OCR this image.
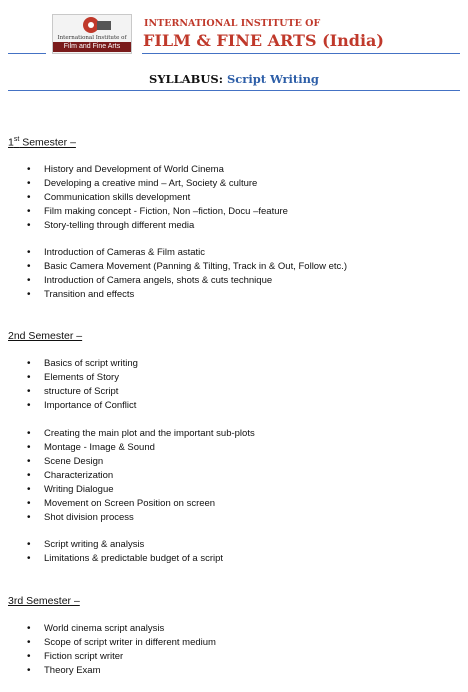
International Institute of
Film and Fine Arts
INTERNATIONAL INSTITUTE OF
FILM & FINE ARTS (India)
SYLLABUS: Script Writing
1st Semester –
• History and Development of World Cinema
• Developing a creative mind – Art, Society & culture
• Communication skills development
• Film making concept - Fiction, Non –fiction, Docu –feature
• Story-telling through different media
• Introduction of Cameras & Film astatic
• Basic Camera Movement (Panning & Tilting, Track in & Out, Follow etc.)
• Introduction of Camera angels, shots & cuts technique
• Transition and effects
2nd Semester –
• Basics of script writing
• Elements of Story
• structure of Script
• Importance of Conflict
• Creating the main plot and the important sub-plots
• Montage - Image & Sound
• Scene Design
• Characterization
• Writing Dialogue
• Movement on Screen Position on screen
• Shot division process
• Script writing & analysis
• Limitations & predictable budget of a script
3rd Semester –
• World cinema script analysis
• Scope of script writer in different medium
• Fiction script writer
• Theory Exam
